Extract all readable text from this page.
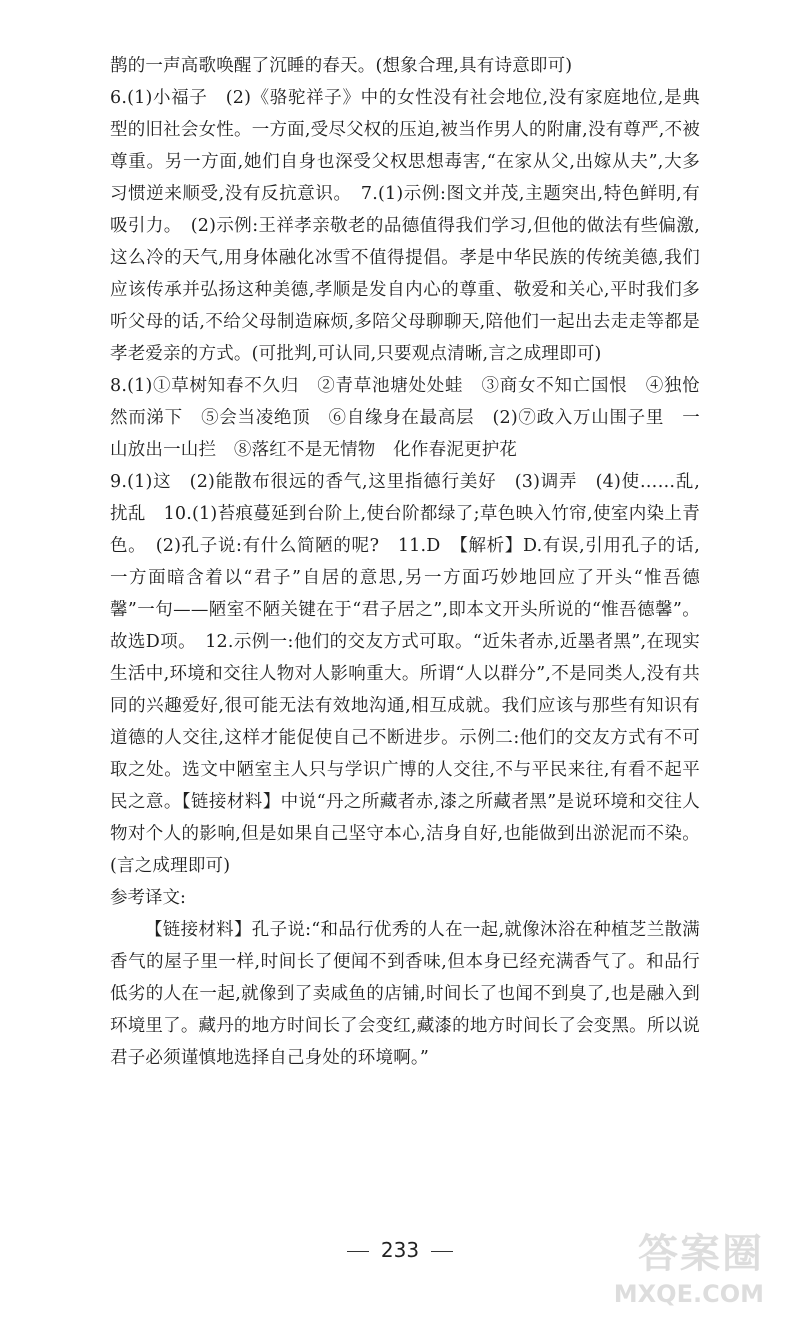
鹊的一声高歌唤醒了沉睡的春天。(想象合理,具有诗意即可)

6.(1)小福子　(2)《骆驼祥子》中的女性没有社会地位,没有家庭地位,是典型的旧社会女性。一方面,受尽父权的压迫,被当作男人的附庸,没有尊严,不被尊重。另一方面,她们自身也深受父权思想毒害,“在家从父,出嫁从夫”,大多习惯逆来顺受,没有反抗意识。　7.(1)示例:图文并茂,主题突出,特色鲜明,有吸引力。　(2)示例:王祥孝亲敬老的品德值得我们学习,但他的做法有些偏激,这么冷的天气,用身体融化冰雪不值得提倡。孝是中华民族的传统美德,我们应该传承并弘扬这种美德,孝顺是发自内心的尊重、敬爱和关心,平时我们多听父母的话,不给父母制造麻烦,多陪父母聊聊天,陪他们一起出去走走等都是孝老爱亲的方式。(可批判,可认同,只要观点清晰,言之成理即可)

8.(1)①草树知春不久归　②青草池塘处处蛙　③商女不知亡国恨　④独怆然而涕下　⑤会当凌绝顶　⑥自缘身在最高层　(2)⑦政入万山围子里　一山放出一山拦　⑧落红不是无情物　化作春泥更护花

9.(1)这　(2)能散布很远的香气,这里指德行美好　(3)调弄　(4)使……乱,扰乱　10.(1)苔痕蔓延到台阶上,使台阶都绿了;草色映入竹帘,使室内染上青色。　(2)孔子说:有什么简陋的呢?　11.D　【解析】D.有误,引用孔子的话,一方面暗含着以“君子”自居的意思,另一方面巧妙地回应了开头“惟吾德馨”一句——陋室不陋关键在于“君子居之”,即本文开头所说的“惟吾德馨”。故选D项。　12.示例一:他们的交友方式可取。“近朱者赤,近墨者黑”,在现实生活中,环境和交往人物对人影响重大。所谓“人以群分”,不是同类人,没有共同的兴趣爱好,很可能无法有效地沟通,相互成就。我们应该与那些有知识有道德的人交往,这样才能促使自己不断进步。示例二:他们的交友方式有不可取之处。选文中陋室主人只与学识广博的人交往,不与平民来往,有看不起平民之意。【链接材料】中说“丹之所藏者赤,漆之所藏者黑”是说环境和交往人物对个人的影响,但是如果自己坚守本心,洁身自好,也能做到出淤泥而不染。(言之成理即可)

参考译文:

【链接材料】孔子说:“和品行优秀的人在一起,就像沐浴在种植芝兰散满香气的屋子里一样,时间长了便闻不到香味,但本身已经充满香气了。和品行低劣的人在一起,就像到了卖咸鱼的店铺,时间长了也闻不到臭了,也是融入到环境里了。藏丹的地方时间长了会变红,藏漆的地方时间长了会变黑。所以说君子必须谨慎地选择自己身处的环境啊。”

233	答案圈
MXQE.COM
